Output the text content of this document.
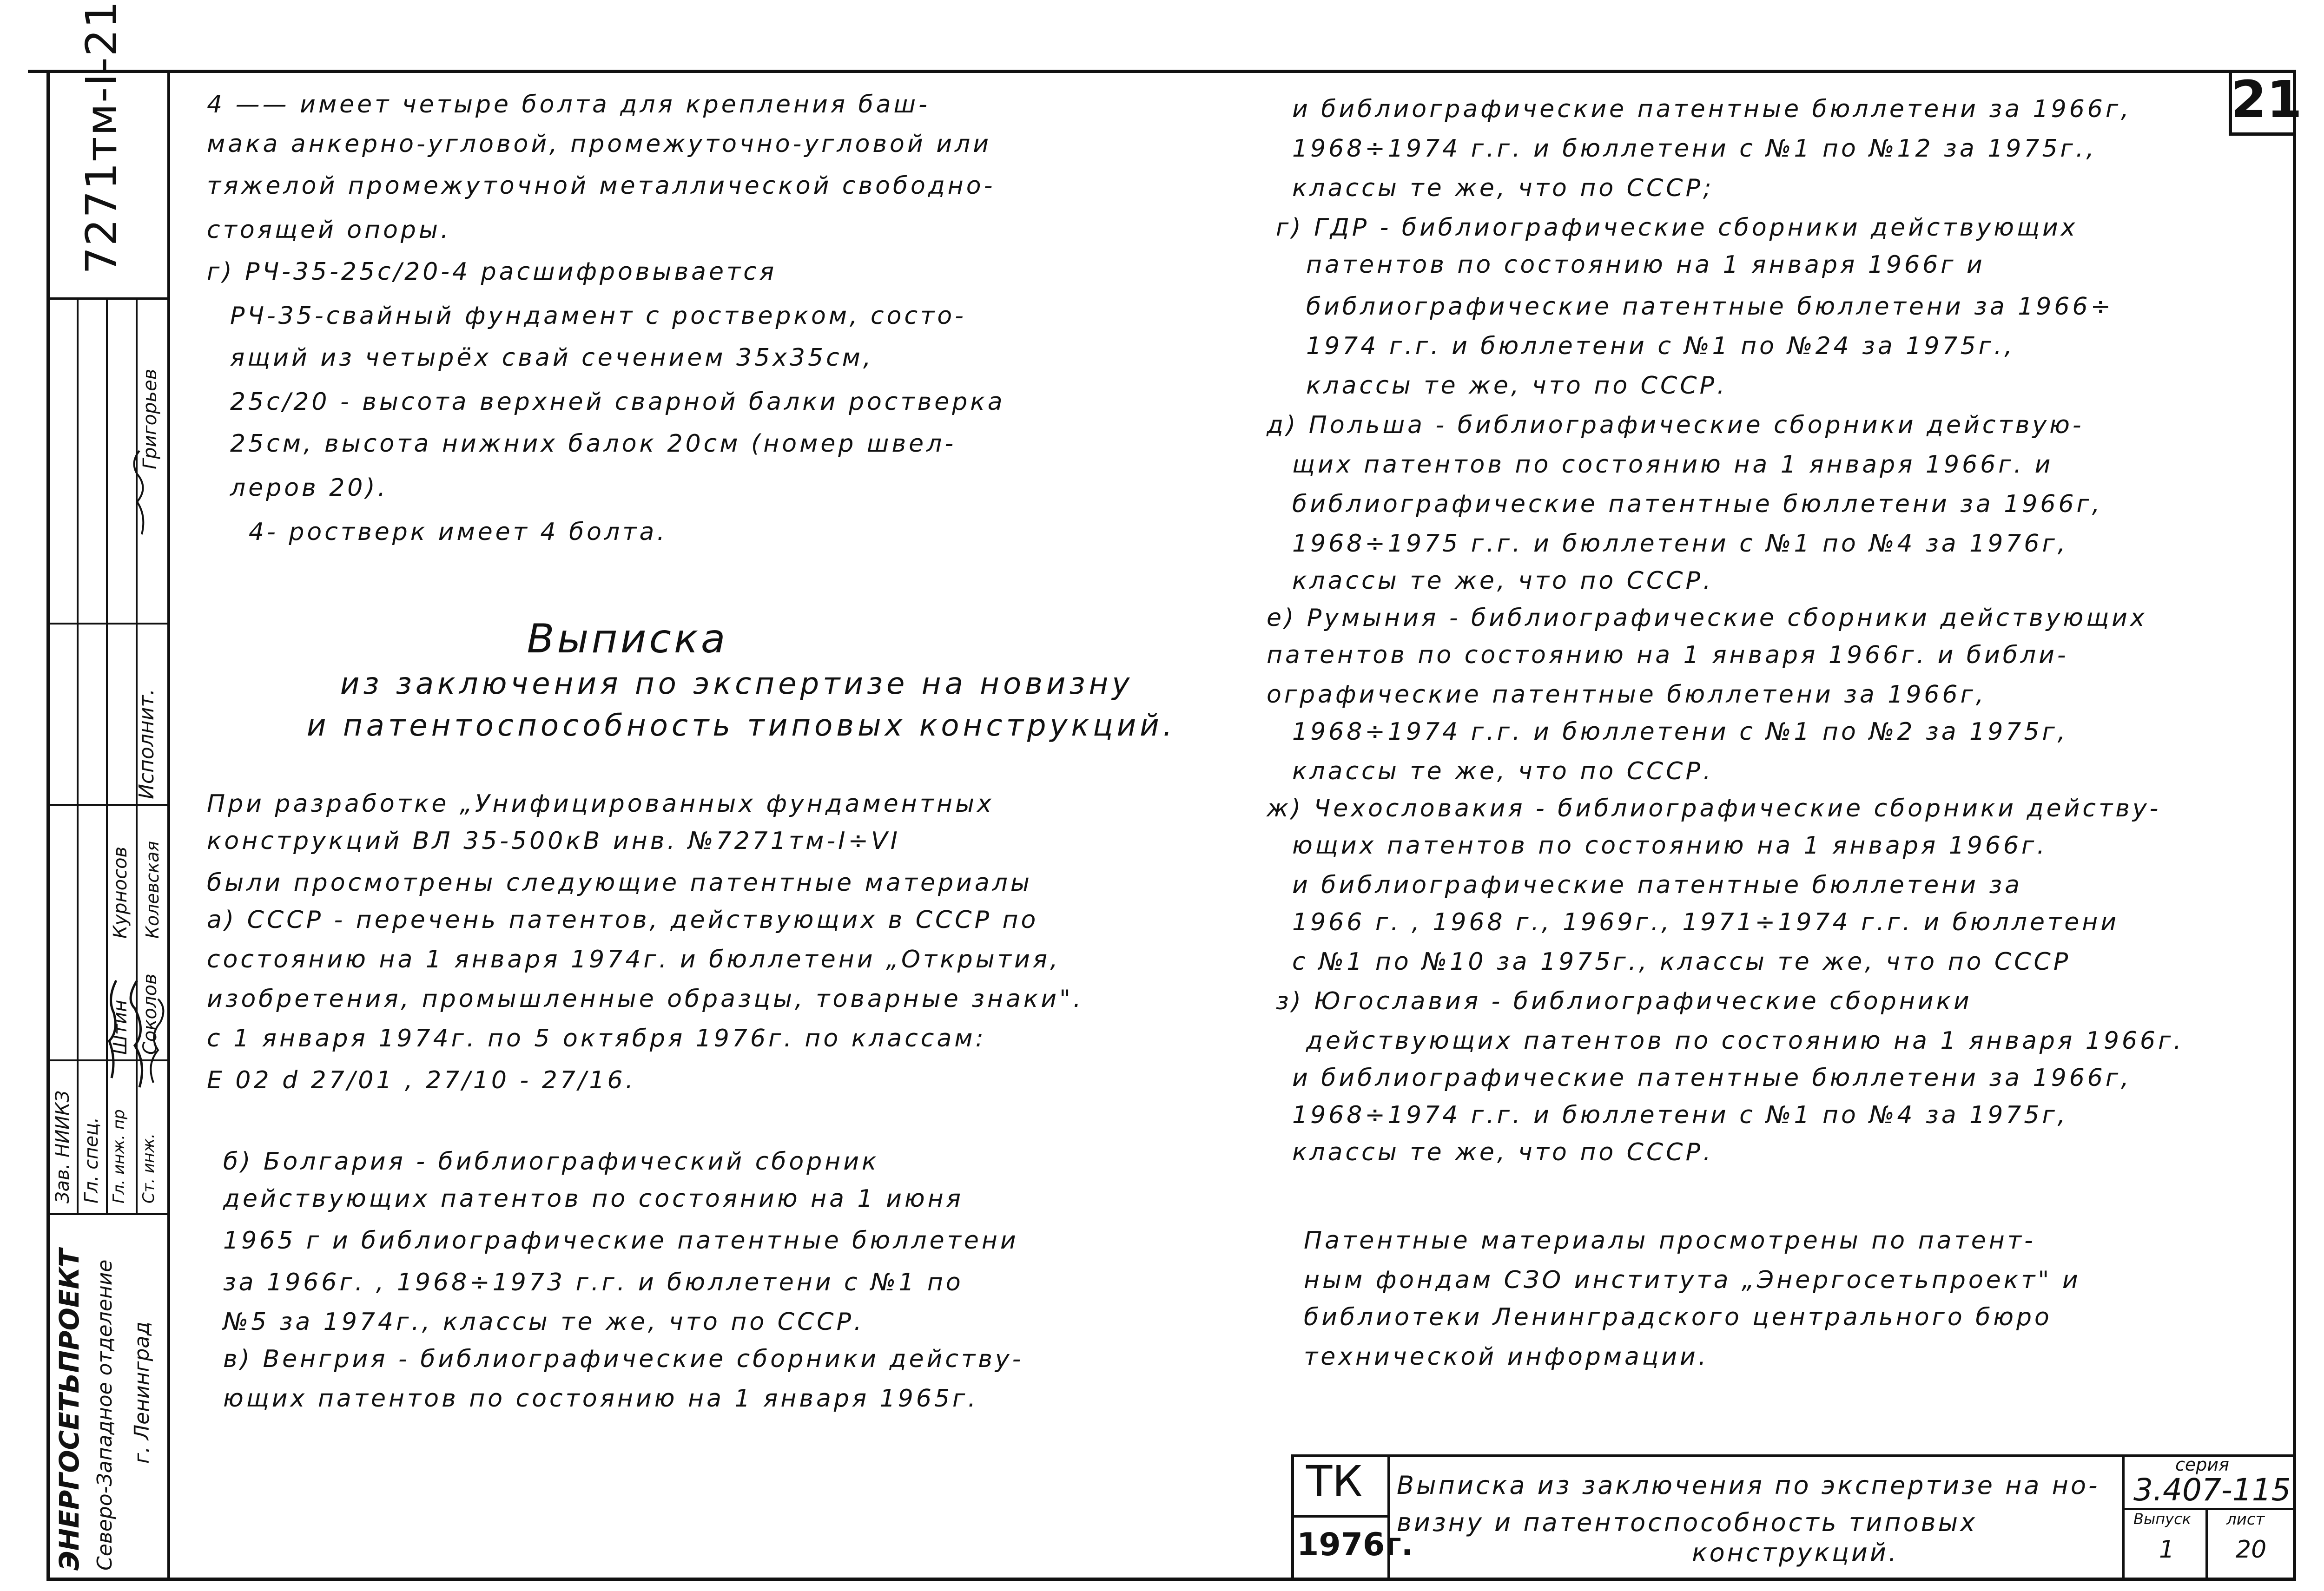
7271тм-I-21
Зав. НИИКЗ Гл. спец. Гл. инж. пр Ст. инж.
Исполнит.
Курносов
Штин Соколов
Колевская
Григорьев
ЭНЕРГОСЕТЬПРОЕКТ Северо-Западное отделение г. Ленинград
21
4 —— имеет четыре болта для крепления баш-
мака анкерно-угловой, промежуточно-угловой или
тяжелой промежуточной металлической свободно-
стоящей опоры.
г) РЧ-35-25с/20-4 расшифровывается
РЧ-35-свайный фундамент с ростверком, состо-
ящий из четырёх свай сечением 35х35см,
25с/20 - высота верхней сварной балки ростверка
25см, высота нижних балок 20см (номер швел-
леров 20).
4- ростверк имеет 4 болта.
Выписка
из заключения по экспертизе на новизну
и патентоспособность типовых конструкций.
При разработке „Унифицированных фундаментных
конструкций ВЛ 35-500кВ инв. №7271тм-I÷VI
были просмотрены следующие патентные материалы
а) СССР - перечень патентов, действующих в СССР по
состоянию на 1 января 1974г. и бюллетени „Открытия,
изобретения, промышленные образцы, товарные знаки".
с 1 января 1974г. по 5 октября 1976г. по классам:
Е 02 d 27/01 , 27/10 - 27/16.
б) Болгария - библиографический сборник
действующих патентов по состоянию на 1 июня
1965 г и библиографические патентные бюллетени
за 1966г. , 1968÷1973 г.г. и бюллетени с №1 по
№5 за 1974г., классы те же, что по СССР.
в) Венгрия - библиографические сборники действу-
ющих патентов по состоянию на 1 января 1965г.
и библиографические патентные бюллетени за 1966г,
1968÷1974 г.г. и бюллетени с №1 по №12 за 1975г.,
классы те же, что по СССР;
г) ГДР - библиографические сборники действующих
патентов по состоянию на 1 января 1966г и
библиографические патентные бюллетени за 1966÷
1974 г.г. и бюллетени с №1 по №24 за 1975г.,
классы те же, что по СССР.
д) Польша - библиографические сборники действую-
щих патентов по состоянию на 1 января 1966г. и
библиографические патентные бюллетени за 1966г,
1968÷1975 г.г. и бюллетени с №1 по №4 за 1976г,
классы те же, что по СССР.
е) Румыния - библиографические сборники действующих
патентов по состоянию на 1 января 1966г. и библи-
ографические патентные бюллетени за 1966г,
1968÷1974 г.г. и бюллетени с №1 по №2 за 1975г,
классы те же, что по СССР.
ж) Чехословакия - библиографические сборники действу-
ющих патентов по состоянию на 1 января 1966г.
и библиографические патентные бюллетени за
1966 г. , 1968 г., 1969г., 1971÷1974 г.г. и бюллетени
с №1 по №10 за 1975г., классы те же, что по СССР
з) Югославия - библиографические сборники
действующих патентов по состоянию на 1 января 1966г.
и библиографические патентные бюллетени за 1966г,
1968÷1974 г.г. и бюллетени с №1 по №4 за 1975г,
классы те же, что по СССР.
Патентные материалы просмотрены по патент-
ным фондам СЗО института „Энергосетьпроект" и
библиотеки Ленинградского центрального бюро
технической информации.
ТК
1976г.
Выписка из заключения по экспертизе на но-
визну и патентоспособность типовых
конструкций.
серия
3.407-115
Выпуск
1
лист
20
